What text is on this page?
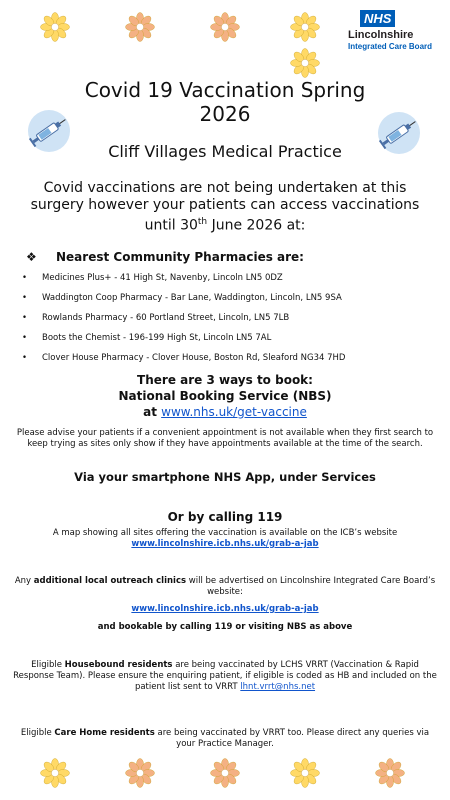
NHS
Lincolnshire
Integrated Care Board
Covid 19 Vaccination Spring
2026
Cliff Villages Medical Practice
Covid vaccinations are not being undertaken at this surgery however your patients can access vaccinations until 30th June 2026 at:
❖ Nearest Community Pharmacies are:
• Medicines Plus+ - 41 High St, Navenby, Lincoln LN5 0DZ
• Waddington Coop Pharmacy - Bar Lane, Waddington, Lincoln, LN5 9SA
• Rowlands Pharmacy - 60 Portland Street, Lincoln, LN5 7LB
• Boots the Chemist - 196-199 High St, Lincoln LN5 7AL
• Clover House Pharmacy - Clover House, Boston Rd, Sleaford NG34 7HD
There are 3 ways to book:
National Booking Service (NBS)
at www.nhs.uk/get-vaccine
Please advise your patients if a convenient appointment is not available when they first search to keep trying as sites only show if they have appointments available at the time of the search.
Via your smartphone NHS App, under Services
Or by calling 119
A map showing all sites offering the vaccination is available on the ICB’s website www.lincolnshire.icb.nhs.uk/grab-a-jab
Any additional local outreach clinics will be advertised on Lincolnshire Integrated Care Board’s website:
www.lincolnshire.icb.nhs.uk/grab-a-jab
and bookable by calling 119 or visiting NBS as above
Eligible Housebound residents are being vaccinated by LCHS VRRT (Vaccination & Rapid Response Team). Please ensure the enquiring patient, if eligible is coded as HB and included on the patient list sent to VRRT lhnt.vrrt@nhs.net
Eligible Care Home residents are being vaccinated by VRRT too. Please direct any queries via your Practice Manager.
